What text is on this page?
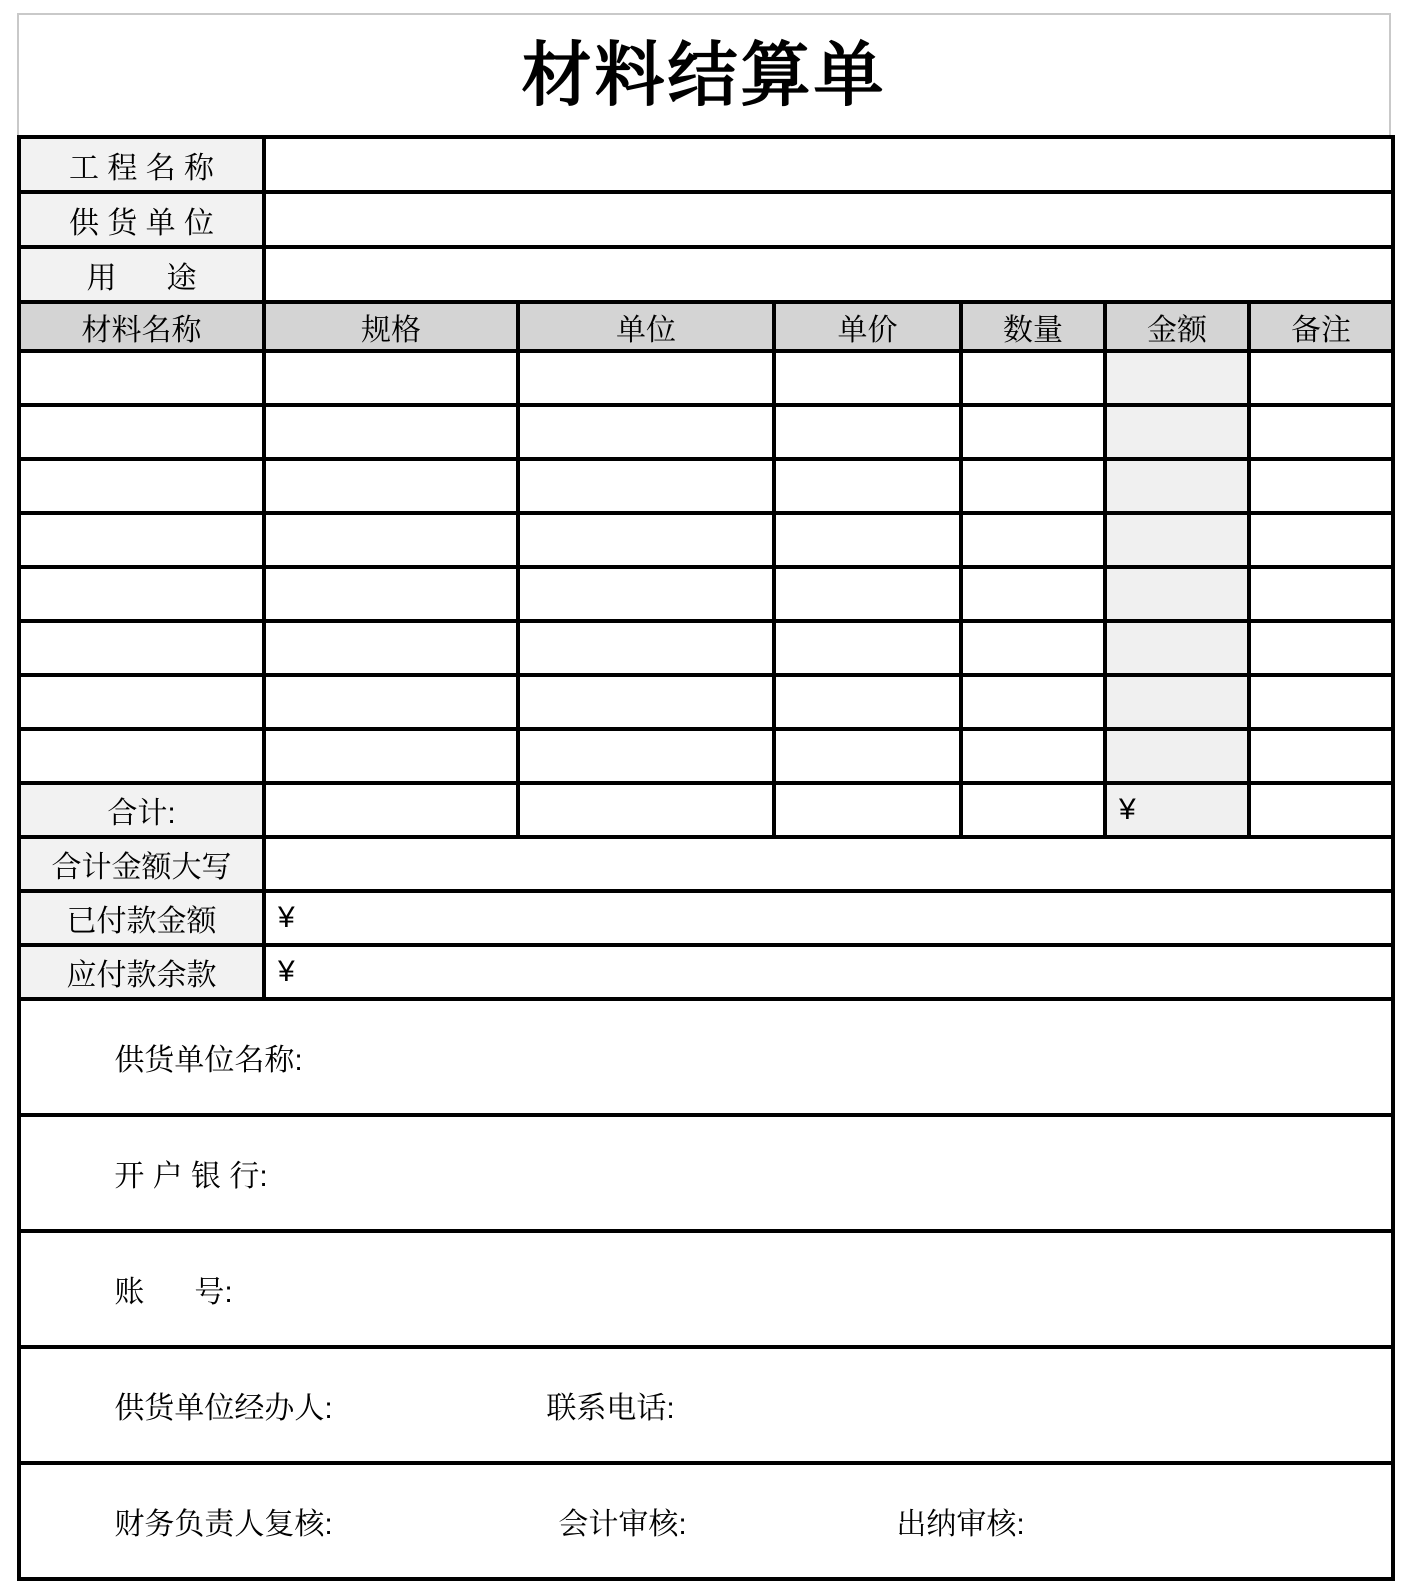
材料结算单
工 程 名 称						
供 货 单 位						
用      途						
材料名称	规格	单位	单价	数量	金额	备注

合计:					¥	
合计金额大写						
已付款金额	¥					
应付款余款	¥					

供货单位名称:						

开 户 银 行:						

账      号:						

供货单位经办人: 联系电话:						

财务负责人复核: 会计审核: 出纳审核:						
